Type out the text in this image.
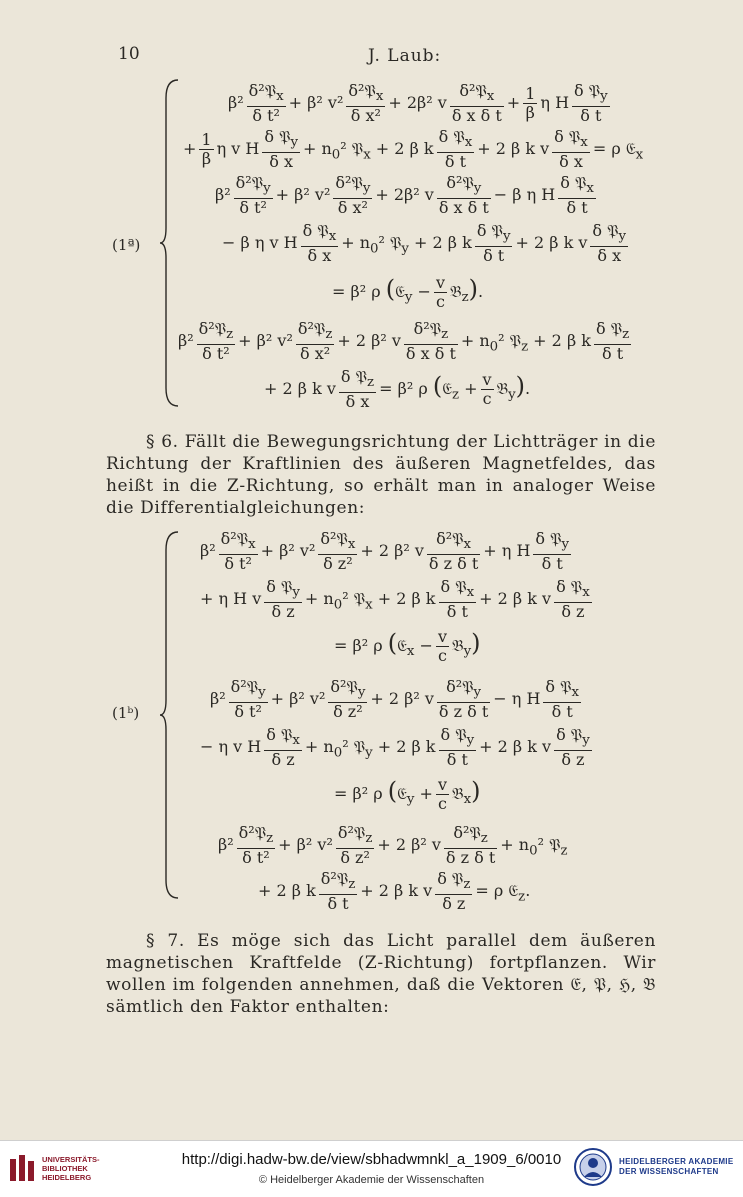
10	J. Laub:
(1ª)
$\beta^2 \frac{\delta^2𝔓_x}{\text{δ t²}} + \beta^2$ $v^2 \frac{\delta^2𝔓_x}{\text{δ x²}} + 2\beta^2$ v $\frac{\delta^2𝔓_x}{\text{δ x δ t}} + \frac{1}{\beta}$ η H $\frac{\delta 𝔓_y}{\text{δ t}}$
+ $\frac{1}{\beta}$ η v H $\frac{\delta 𝔓_y}{\text{δ x}} + n_0^2$ 𝔓$_x$ + 2 β k $\frac{\delta 𝔓_x}{\text{δ t}} + 2$ β k v $\frac{\delta 𝔓_x}{\text{δ x}} = \rho$ 𝔈$_x$
$\beta^2 \frac{\delta^2𝔓_y}{\text{δ t²}} + \beta^2$ $v^2 \frac{\delta^2𝔓_y}{\text{δ x²}} + 2\beta^2$ v $\frac{\delta^2𝔓_y}{\text{δ x δ t}} - \beta$ η H $\frac{\delta 𝔓_x}{\text{δ t}}$
− β η v H $\frac{\delta 𝔓_x}{\text{δ x}} + n_0^2$ 𝔓$_y$ + 2 β k $\frac{\delta 𝔓_y}{\text{δ t}} + 2$ β k v $\frac{\delta 𝔓_y}{\text{δ x}}$
= β² ρ (𝔈$_y$ − $\frac{v}{c}$ 𝔅$_z$).
$\beta^2 \frac{\delta^2𝔓_z}{\text{δ t²}} + \beta^2$ $v^2 \frac{\delta^2𝔓_z}{\text{δ x²}} + 2$ β² v $\frac{\delta^2𝔓_z}{\text{δ x δ t}} + n_0^2$ 𝔓$_z$ + 2 β k $\frac{\delta 𝔓_z}{\text{δ t}}$
+ 2 β k v $\frac{\delta 𝔓_z}{\text{δ x}} = \beta^2$ ρ (𝔈$_z$ + $\frac{v}{c}$ 𝔅$_y$).
§ 6. Fällt die Bewegungsrichtung der Lichtträger in die Richtung der Kraftlinien des äußeren Magnetfeldes, das heißt in die Z-Richtung, so erhält man in analoger Weise die Differentialgleichungen:
(1ᵇ)
$\beta^2 \frac{\delta^2𝔓_x}{\text{δ t²}} + \beta^2$ $v^2 \frac{\delta^2𝔓_x}{\text{δ z²}} + 2$ β² v $\frac{\delta^2𝔓_x}{\text{δ z δ t}} + \eta$ H $\frac{\delta 𝔓_y}{\text{δ t}}$
+ η H v $\frac{\delta 𝔓_y}{\text{δ z}} + n_0^2$ 𝔓$_x$ + 2 β k $\frac{\delta 𝔓_x}{\text{δ t}} + 2$ β k v $\frac{\delta 𝔓_x}{\text{δ z}}$
= β² ρ (𝔈$_x$ − $\frac{v}{c}$ 𝔅$_y$)
$\beta^2 \frac{\delta^2𝔓_y}{\text{δ t²}} + \beta^2$ $v^2 \frac{\delta^2𝔓_y}{\text{δ z²}} + 2$ β² v $\frac{\delta^2𝔓_y}{\text{δ z δ t}} - \eta$ H $\frac{\delta 𝔓_x}{\text{δ t}}$
− η v H $\frac{\delta 𝔓_x}{\text{δ z}} + n_0^2$ 𝔓$_y$ + 2 β k $\frac{\delta 𝔓_y}{\text{δ t}} + 2$ β k v $\frac{\delta 𝔓_y}{\text{δ z}}$
= β² ρ (𝔈$_y$ + $\frac{v}{c}$ 𝔅$_x$)
$\beta^2 \frac{\delta^2𝔓_z}{\text{δ t²}} + \beta^2$ $v^2 \frac{\delta^2𝔓_z}{\text{δ z²}} + 2$ β² v $\frac{\delta^2𝔓_z}{\text{δ z δ t}} + n_0^2$ 𝔓$_z$
+ 2 β k $\frac{\delta^2𝔓_z}{\text{δ t}} + 2$ β k v $\frac{\delta 𝔓_z}{\text{δ z}} = \rho$ 𝔈$_z$.
§ 7. Es möge sich das Licht parallel dem äußeren magnetischen Kraftfelde (Z-Richtung) fortpflanzen. Wir wollen im folgenden annehmen, daß die Vektoren 𝔈, 𝔓, ℌ, 𝔅 sämtlich den Faktor enthalten:
UNIVERSITÄTS-
BIBLIOTHEK
HEIDELBERG
http://digi.hadw-bw.de/view/sbhadwmnkl_a_1909_6/0010
© Heidelberger Akademie der Wissenschaften
HEIDELBERGER AKADEMIE
DER WISSENSCHAFTEN
